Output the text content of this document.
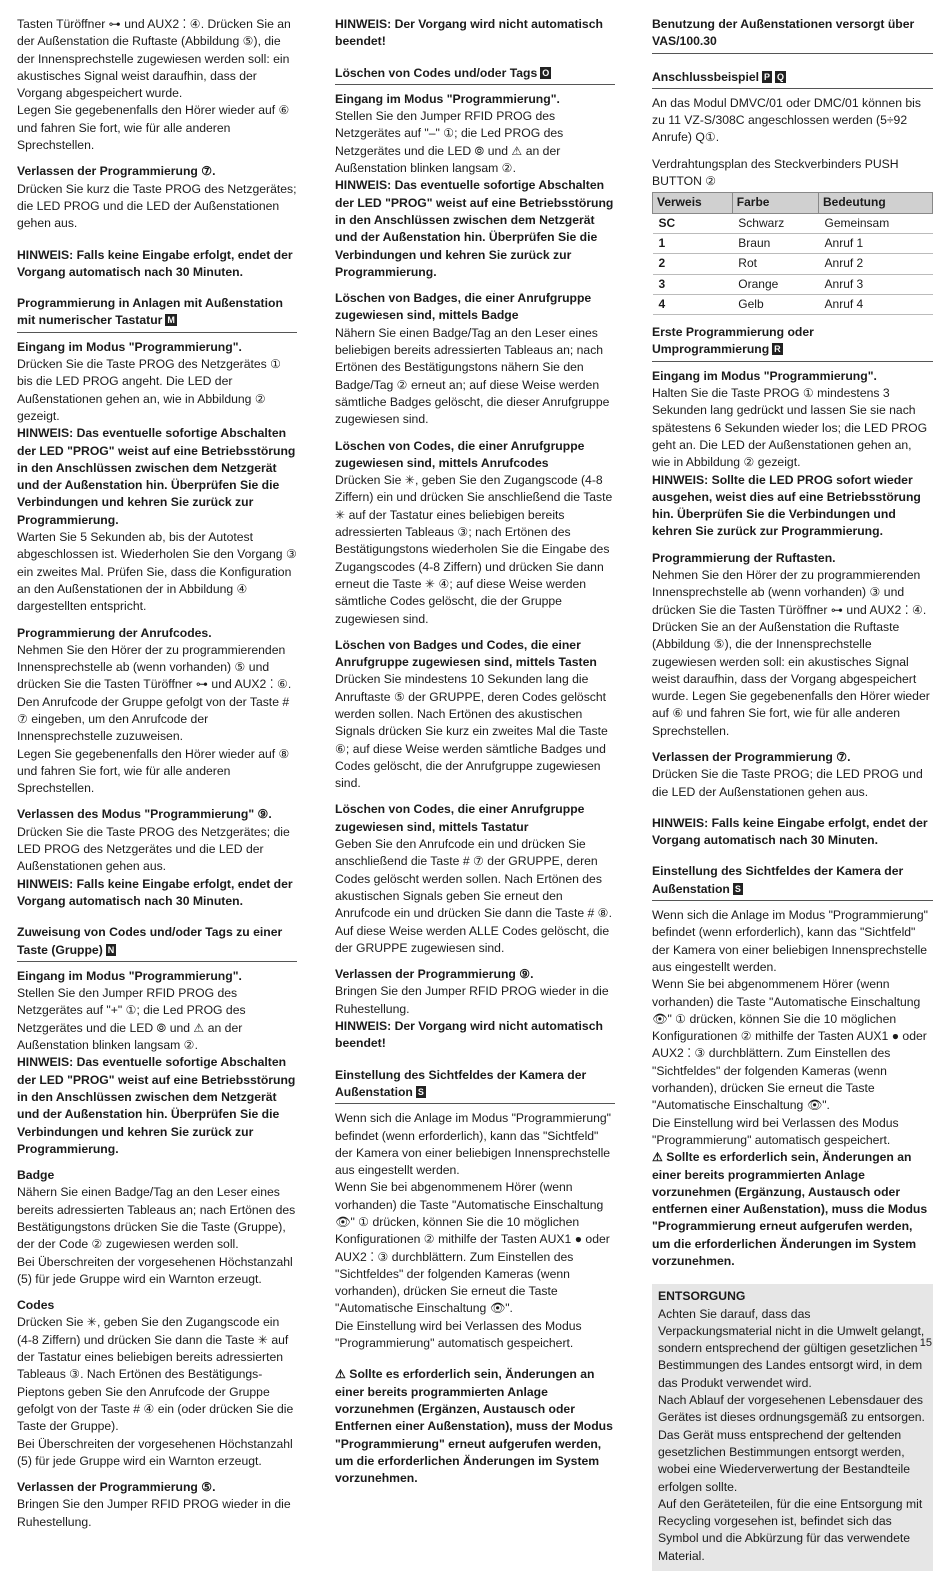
Tasten Türöffner ⊶ und AUX2 ⁚ ④. Drücken Sie an der Außenstation die Ruftaste (Abbildung ⑤), die der Innensprechstelle zugewiesen werden soll: ein akustisches Signal weist daraufhin, dass der Vorgang abgespeichert wurde.

Legen Sie gegebenenfalls den Hörer wieder auf ⑥ und fahren Sie fort, wie für alle anderen Sprechstellen.

Verlassen der Programmierung ⑦.

Drücken Sie kurz die Taste PROG des Netzgerätes; die LED PROG und die LED der Außenstationen gehen aus.

HINWEIS: Falls keine Eingabe erfolgt, endet der Vorgang automatisch nach 30 Minuten.

Programmierung in Anlagen mit Außenstation mit numerischer Tastatur M

Eingang im Modus "Programmierung".

Drücken Sie die Taste PROG des Netzgerätes ① bis die LED PROG angeht. Die LED der Außenstationen gehen an, wie in Abbildung ② gezeigt.

HINWEIS: Das eventuelle sofortige Abschalten der LED "PROG" weist auf eine Betriebsstörung in den Anschlüssen zwischen dem Netzgerät und der Außenstation hin. Überprüfen Sie die Verbindungen und kehren Sie zurück zur Programmierung.

Warten Sie 5 Sekunden ab, bis der Autotest abgeschlossen ist. Wiederholen Sie den Vorgang ③ ein zweites Mal. Prüfen Sie, dass die Konfiguration an den Außenstationen der in Abbildung ④ dargestellten entspricht.

Programmierung der Anrufcodes.

Nehmen Sie den Hörer der zu programmierenden Innensprechstelle ab (wenn vorhanden) ⑤ und drücken Sie die Tasten Türöffner ⊶ und AUX2 ⁚ ⑥. Den Anrufcode der Gruppe gefolgt von der Taste # ⑦ eingeben, um den Anrufcode der Innensprechstelle zuzuweisen.

Legen Sie gegebenenfalls den Hörer wieder auf ⑧ und fahren Sie fort, wie für alle anderen Sprechstellen.

Verlassen des Modus "Programmierung" ⑨.

Drücken Sie die Taste PROG des Netzgerätes; die LED PROG des Netzgerätes und die LED der Außenstationen gehen aus.

HINWEIS: Falls keine Eingabe erfolgt, endet der Vorgang automatisch nach 30 Minuten.

Zuweisung von Codes und/oder Tags zu einer Taste (Gruppe) N

Eingang im Modus "Programmierung".

Stellen Sie den Jumper RFID PROG des Netzgerätes auf "+" ①; die Led PROG des Netzgerätes und die LED ⦾ und ⚠ an der Außenstation blinken langsam ②.

HINWEIS: Das eventuelle sofortige Abschalten der LED "PROG" weist auf eine Betriebsstörung in den Anschlüssen zwischen dem Netzgerät und der Außenstation hin. Überprüfen Sie die Verbindungen und kehren Sie zurück zur Programmierung.

Badge

Nähern Sie einen Badge/Tag an den Leser eines bereits adressierten Tableaus an; nach Ertönen des Bestätigungstons drücken Sie die Taste (Gruppe), der der Code ② zugewiesen werden soll.

Bei Überschreiten der vorgesehenen Höchstanzahl (5) für jede Gruppe wird ein Warnton erzeugt.

Codes

Drücken Sie ✳, geben Sie den Zugangscode ein (4-8 Ziffern) und drücken Sie dann die Taste ✳ auf der Tastatur eines beliebigen bereits adressierten Tableaus ③. Nach Ertönen des Bestätigungs-Pieptons geben Sie den Anrufcode der Gruppe gefolgt von der Taste # ④ ein (oder drücken Sie die Taste der Gruppe).

Bei Überschreiten der vorgesehenen Höchstanzahl (5) für jede Gruppe wird ein Warnton erzeugt.

Verlassen der Programmierung ⑤.

Bringen Sie den Jumper RFID PROG wieder in die Ruhestellung.

HINWEIS: Der Vorgang wird nicht automatisch beendet!

Löschen von Codes und/oder Tags O

Eingang im Modus "Programmierung".

Stellen Sie den Jumper RFID PROG des Netzgerätes auf "–" ①; die Led PROG des Netzgerätes und die LED ⦾ und ⚠ an der Außenstation blinken langsam ②.

HINWEIS: Das eventuelle sofortige Abschalten der LED "PROG" weist auf eine Betriebsstörung in den Anschlüssen zwischen dem Netzgerät und der Außenstation hin. Überprüfen Sie die Verbindungen und kehren Sie zurück zur Programmierung.

Löschen von Badges, die einer Anrufgruppe zugewiesen sind, mittels Badge

Nähern Sie einen Badge/Tag an den Leser eines beliebigen bereits adressierten Tableaus an; nach Ertönen des Bestätigungstons nähern Sie den Badge/Tag ② erneut an; auf diese Weise werden sämtliche Badges gelöscht, die dieser Anrufgruppe zugewiesen sind.

Löschen von Codes, die einer Anrufgruppe zugewiesen sind, mittels Anrufcodes

Drücken Sie ✳, geben Sie den Zugangscode (4-8 Ziffern) ein und drücken Sie anschließend die Taste ✳ auf der Tastatur eines beliebigen bereits adressierten Tableaus ③; nach Ertönen des Bestätigungstons wiederholen Sie die Eingabe des Zugangscodes (4-8 Ziffern) und drücken Sie dann erneut die Taste ✳ ④; auf diese Weise werden sämtliche Codes gelöscht, die der Gruppe zugewiesen sind.

Löschen von Badges und Codes, die einer Anrufgruppe zugewiesen sind, mittels Tasten

Drücken Sie mindestens 10 Sekunden lang die Anruftaste ⑤ der GRUPPE, deren Codes gelöscht werden sollen. Nach Ertönen des akustischen Signals drücken Sie kurz ein zweites Mal die Taste ⑥; auf diese Weise werden sämtliche Badges und Codes gelöscht, die der Anrufgruppe zugewiesen sind.

Löschen von Codes, die einer Anrufgruppe zugewiesen sind, mittels Tastatur

Geben Sie den Anrufcode ein und drücken Sie anschließend die Taste # ⑦ der GRUPPE, deren Codes gelöscht werden sollen. Nach Ertönen des akustischen Signals geben Sie erneut den Anrufcode ein und drücken Sie dann die Taste # ⑧. Auf diese Weise werden ALLE Codes gelöscht, die der GRUPPE zugewiesen sind.

Verlassen der Programmierung ⑨.

Bringen Sie den Jumper RFID PROG wieder in die Ruhestellung.

HINWEIS: Der Vorgang wird nicht automatisch beendet!

Einstellung des Sichtfeldes der Kamera der Außenstation S

Wenn sich die Anlage im Modus "Programmierung" befindet (wenn erforderlich), kann das "Sichtfeld" der Kamera von einer beliebigen Innensprechstelle aus eingestellt werden.

Wenn Sie bei abgenommenem Hörer (wenn vorhanden) die Taste "Automatische Einschaltung 👁" ① drücken, können Sie die 10 möglichen Konfigurationen ② mithilfe der Tasten AUX1 ● oder AUX2 ⁚ ③ durchblättern. Zum Einstellen des "Sichtfeldes" der folgenden Kameras (wenn vorhanden), drücken Sie erneut die Taste "Automatische Einschaltung 👁".

Die Einstellung wird bei Verlassen des Modus "Programmierung" automatisch gespeichert.

⚠ Sollte es erforderlich sein, Änderungen an einer bereits programmierten Anlage vorzunehmen (Ergänzen, Austausch oder Entfernen einer Außenstation), muss der Modus "Programmierung" erneut aufgerufen werden, um die erforderlichen Änderungen im System vorzunehmen.

Benutzung der Außenstationen versorgt über VAS/100.30
Anschlussbeispiel P Q

An das Modul DMVC/01 oder DMC/01 können bis zu 11 VZ-S/308C angeschlossen werden (5÷92 Anrufe) Q①.

Verdrahtungsplan des Steckverbinders PUSH BUTTON ②

Verweis	Farbe	Bedeutung
SC	Schwarz	Gemeinsam
1	Braun	Anruf 1
2	Rot	Anruf 2
3	Orange	Anruf 3
4	Gelb	Anruf 4
Erste Programmierung oder Umprogrammierung R

Eingang im Modus "Programmierung".

Halten Sie die Taste PROG ① mindestens 3 Sekunden lang gedrückt und lassen Sie sie nach spätestens 6 Sekunden wieder los; die LED PROG geht an. Die LED der Außenstationen gehen an, wie in Abbildung ② gezeigt.

HINWEIS: Sollte die LED PROG sofort wieder ausgehen, weist dies auf eine Betriebsstörung hin. Überprüfen Sie die Verbindungen und kehren Sie zurück zur Programmierung.

Programmierung der Ruftasten.

Nehmen Sie den Hörer der zu programmierenden Innensprechstelle ab (wenn vorhanden) ③ und drücken Sie die Tasten Türöffner ⊶ und AUX2 ⁚ ④. Drücken Sie an der Außenstation die Ruftaste (Abbildung ⑤), die der Innensprechstelle zugewiesen werden soll: ein akustisches Signal weist daraufhin, dass der Vorgang abgespeichert wurde. Legen Sie gegebenenfalls den Hörer wieder auf ⑥ und fahren Sie fort, wie für alle anderen Sprechstellen.

Verlassen der Programmierung ⑦.

Drücken Sie die Taste PROG; die LED PROG und die LED der Außenstationen gehen aus.

HINWEIS: Falls keine Eingabe erfolgt, endet der Vorgang automatisch nach 30 Minuten.

Einstellung des Sichtfeldes der Kamera der Außenstation S

Wenn sich die Anlage im Modus "Programmierung" befindet (wenn erforderlich), kann das "Sichtfeld" der Kamera von einer beliebigen Innensprechstelle aus eingestellt werden.

Wenn Sie bei abgenommenem Hörer (wenn vorhanden) die Taste "Automatische Einschaltung 👁" ① drücken, können Sie die 10 möglichen Konfigurationen ② mithilfe der Tasten AUX1 ● oder AUX2 ⁚ ③ durchblättern. Zum Einstellen des "Sichtfeldes" der folgenden Kameras (wenn vorhanden), drücken Sie erneut die Taste "Automatische Einschaltung 👁".

Die Einstellung wird bei Verlassen des Modus "Programmierung" automatisch gespeichert.

⚠ Sollte es erforderlich sein, Änderungen an einer bereits programmierten Anlage vorzunehmen (Ergänzung, Austausch oder entfernen einer Außenstation), muss die Modus "Programmierung erneut aufgerufen werden, um die erforderlichen Änderungen im System vorzunehmen.

ENTSORGUNG

Achten Sie darauf, dass das Verpackungsmaterial nicht in die Umwelt gelangt, sondern entsprechend der gültigen gesetzlichen Bestimmungen des Landes entsorgt wird, in dem das Produkt verwendet wird.

Nach Ablauf der vorgesehenen Lebensdauer des Gerätes ist dieses ordnungsgemäß zu entsorgen.

Das Gerät muss entsprechend der geltenden gesetzlichen Bestimmungen entsorgt werden, wobei eine Wiederverwertung der Bestandteile erfolgen sollte.

Auf den Geräteteilen, für die eine Entsorgung mit Recycling vorgesehen ist, befindet sich das Symbol und die Abkürzung für das verwendete Material.

15
